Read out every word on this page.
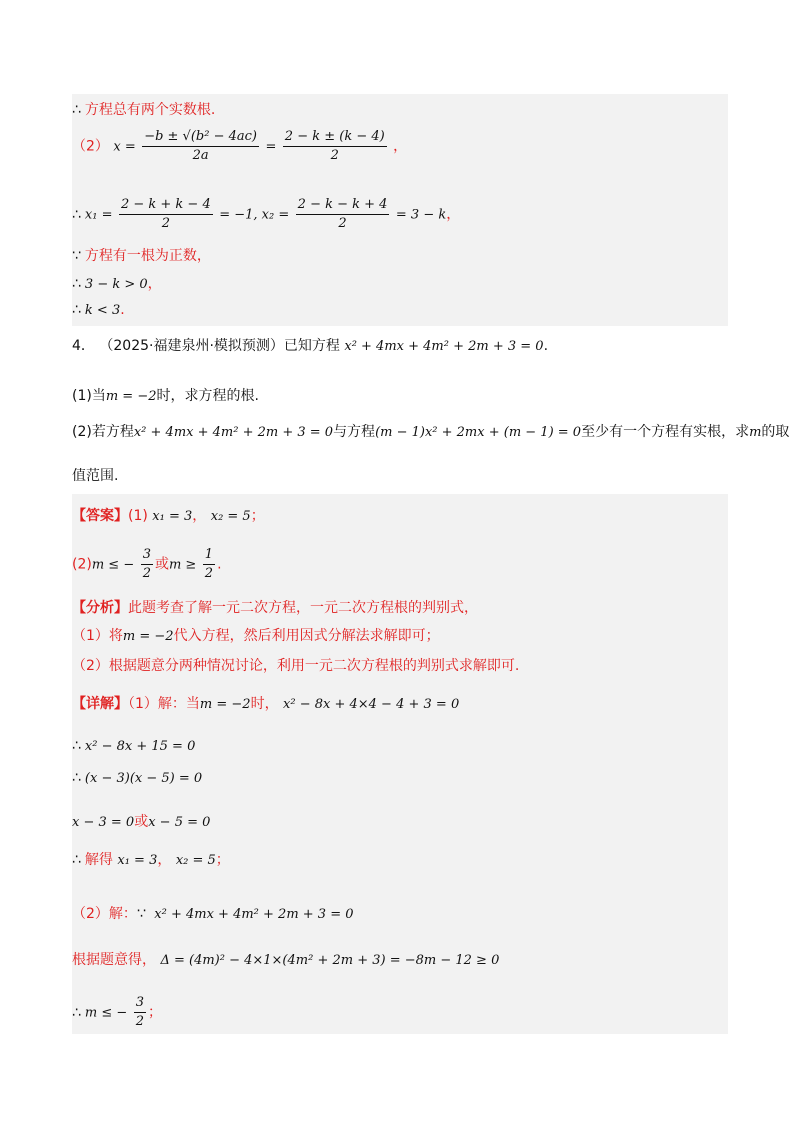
∴ 方程总有两个实数根.
（2） $x = \frac{\text{−b ± √(b² − 4ac)}}{2a} = \frac{2 - k \pm (k - 4)}{2}$ ，
∴ $x_1 = \frac{2 - k + k - 4}{2} = -1$, $x_2 = \frac{2 - k - k + 4}{2} = 3 - k$，
∵ 方程有一根为正数，
∴ 3 − k > 0，
∴ k < 3.
4． （2025·福建泉州·模拟预测）已知方程 x² + 4mx + 4m² + 2m + 3 = 0.
(1)当m = −2时，求方程的根.
(2)若方程x² + 4mx + 4m² + 2m + 3 = 0与方程(m − 1)x² + 2mx + (m − 1) = 0至少有一个方程有实根，求m的取
值范围.
【答案】(1) x₁ = 3， x₂ = 5；
(2)m ≤ − $\frac{3}{2}$ 或$m \ge \frac{1}{2}$ .
【分析】此题考查了解一元二次方程，一元二次方程根的判别式，
（1）将m = −2代入方程，然后利用因式分解法求解即可；
（2）根据题意分两种情况讨论，利用一元二次方程根的判别式求解即可.
【详解】（1）解：当m = −2时， x² − 8x + 4×4 − 4 + 3 = 0
∴ x² − 8x + 15 = 0
∴ (x − 3)(x − 5) = 0
x − 3 = 0或x − 5 = 0
∴ 解得 x₁ = 3， x₂ = 5；
（2）解：∵ x² + 4mx + 4m² + 2m + 3 = 0
根据题意得， Δ = (4m)² − 4×1×(4m² + 2m + 3) = −8m − 12 ≥ 0
∴ m ≤ − $\frac{3}{2}$ ；
